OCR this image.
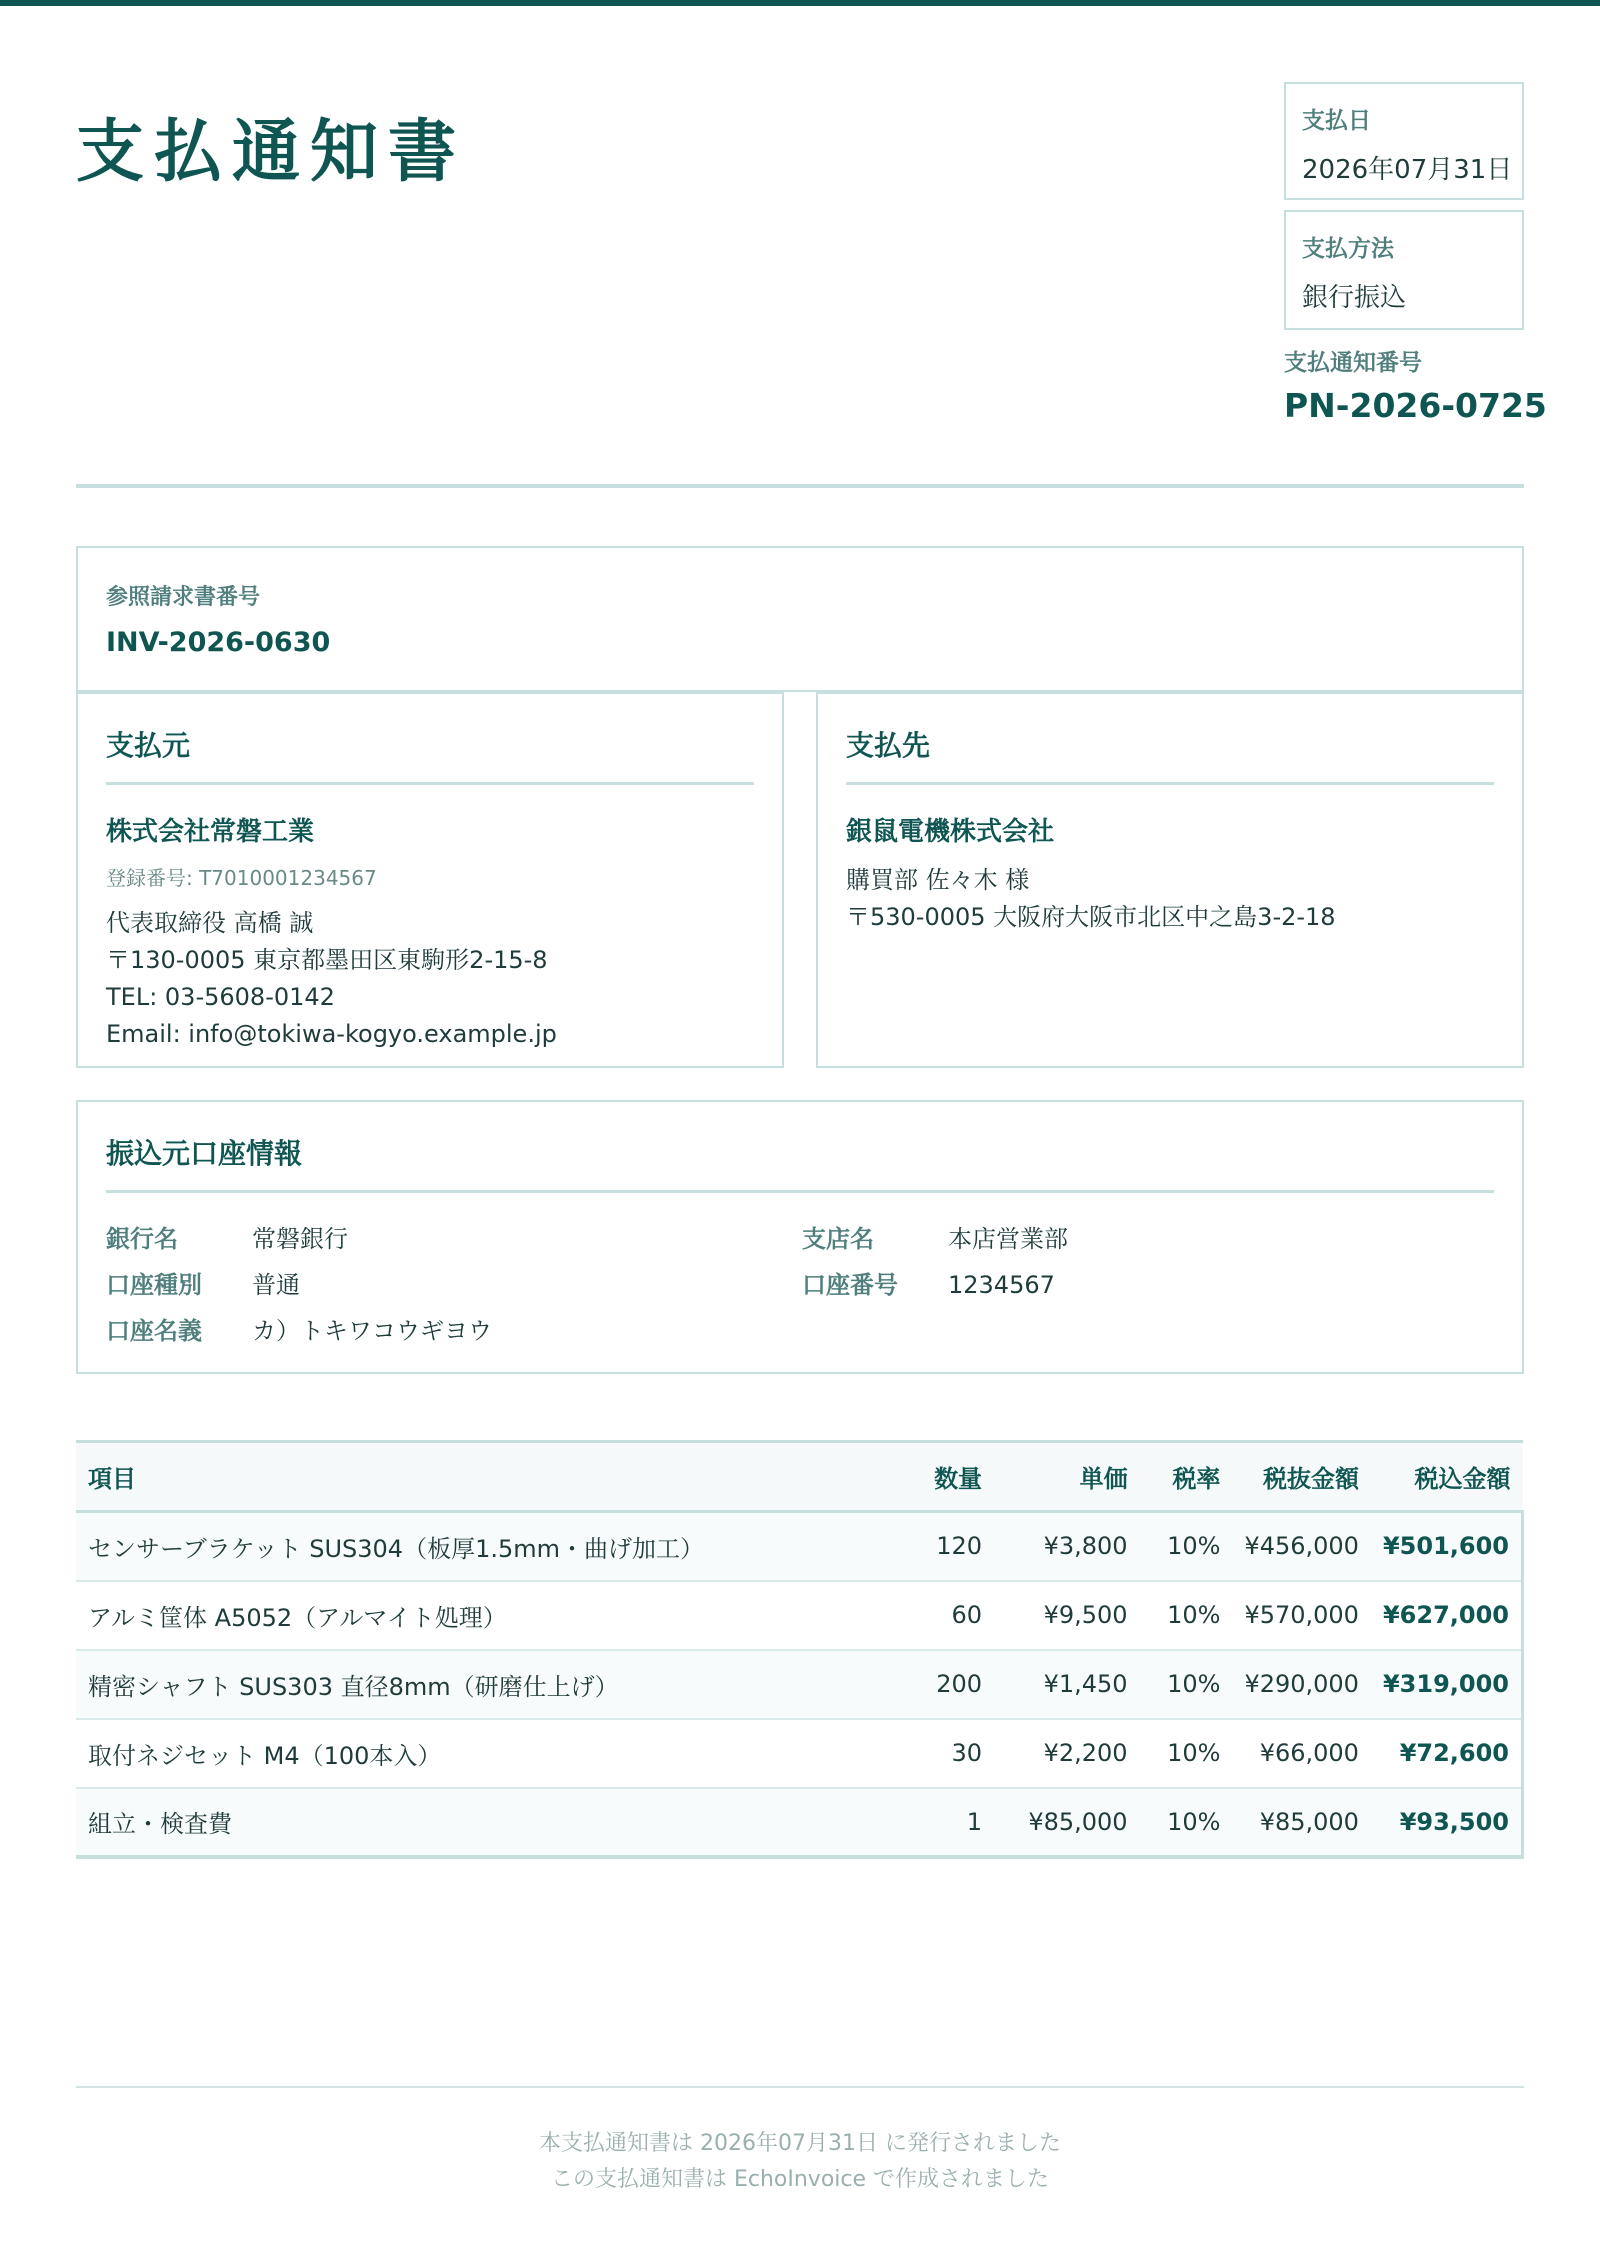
支払通知書	支払日
2026年07月31日
支払方法
銀行振込
支払通知番号
PN-2026-0725
参照請求書番号
INV-2026-0630
支払元
株式会社常磐工業
登録番号: T7010001234567
代表取締役 高橋 誠
〒130-0005 東京都墨田区東駒形2-15-8
TEL: 03-5608-0142
Email: info@tokiwa-kogyo.example.jp
支払先
銀鼠電機株式会社
購買部 佐々木 様
〒530-0005 大阪府大阪市北区中之島3-2-18
振込元口座情報
銀行名	常磐銀行	支店名	本店営業部
口座種別 普通	口座番号 1234567
口座名義 カ）トキワコウギヨウ
項目	数量	単価	税率	税抜金額	税込金額
センサーブラケット SUS304（板厚1.5mm・曲げ加工）	120	¥3,800	10%	¥456,000	¥501,600
アルミ筐体 A5052（アルマイト処理）	60	¥9,500	10%	¥570,000	¥627,000
精密シャフト SUS303 直径8mm（研磨仕上げ）	200	¥1,450	10%	¥290,000	¥319,000
取付ネジセット M4（100本入）	30	¥2,200	10%	¥66,000	¥72,600
組立・検査費	1	¥85,000	10%	¥85,000	¥93,500
本支払通知書は 2026年07月31日 に発行されました
この支払通知書は EchoInvoice で作成されました
